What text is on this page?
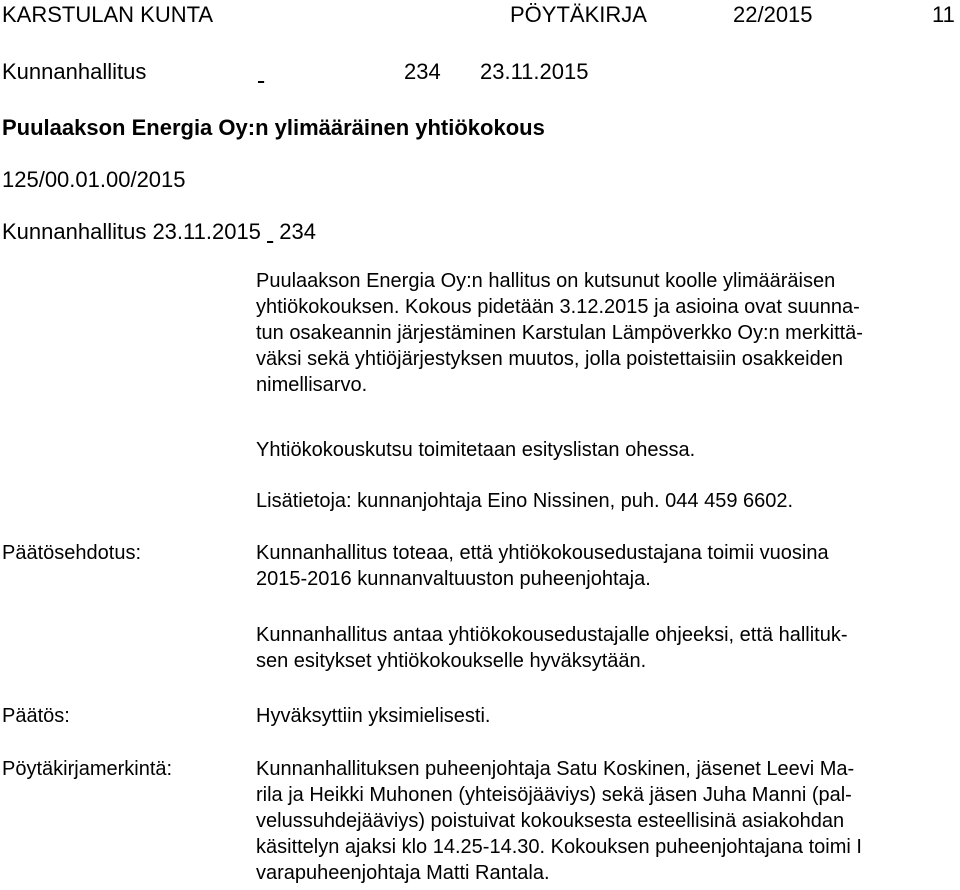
KARSTULAN KUNTA	PÖYTÄKIRJA	22/2015	11
Kunnanhallitus
	234 23.11.2015
Puulaakson Energia Oy:n ylimääräinen yhtiökokous
125/00.01.00/2015
Kunnanhallitus 23.11.2015 234
Puulaakson Energia Oy:n hallitus on kutsunut koolle ylimääräisen
yhtiökokouksen. Kokous pidetään 3.12.2015 ja asioina ovat suunna-
tun osakeannin järjestäminen Karstulan Lämpöverkko Oy:n merkittä-
väksi sekä yhtiöjärjestyksen muutos, jolla poistettaisiin osakkeiden
nimellisarvo.
Yhtiökokouskutsu toimitetaan esityslistan ohessa.
Lisätietoja: kunnanjohtaja Eino Nissinen, puh. 044 459 6602.
Päätösehdotus:	Kunnanhallitus toteaa, että yhtiökokousedustajana toimii vuosina
2015-2016 kunnanvaltuuston puheenjohtaja.
Kunnanhallitus antaa yhtiökokousedustajalle ohjeeksi, että hallituk-
sen esitykset yhtiökokoukselle hyväksytään.
Päätös:	Hyväksyttiin yksimielisesti.
Pöytäkirjamerkintä:	Kunnanhallituksen puheenjohtaja Satu Koskinen, jäsenet Leevi Ma-
rila ja Heikki Muhonen (yhteisöjääviys) sekä jäsen Juha Manni (pal-
velussuhdejääviys) poistuivat kokouksesta esteellisinä asiakohdan
käsittelyn ajaksi klo 14.25-14.30. Kokouksen puheenjohtajana toimi I
varapuheenjohtaja Matti Rantala.
